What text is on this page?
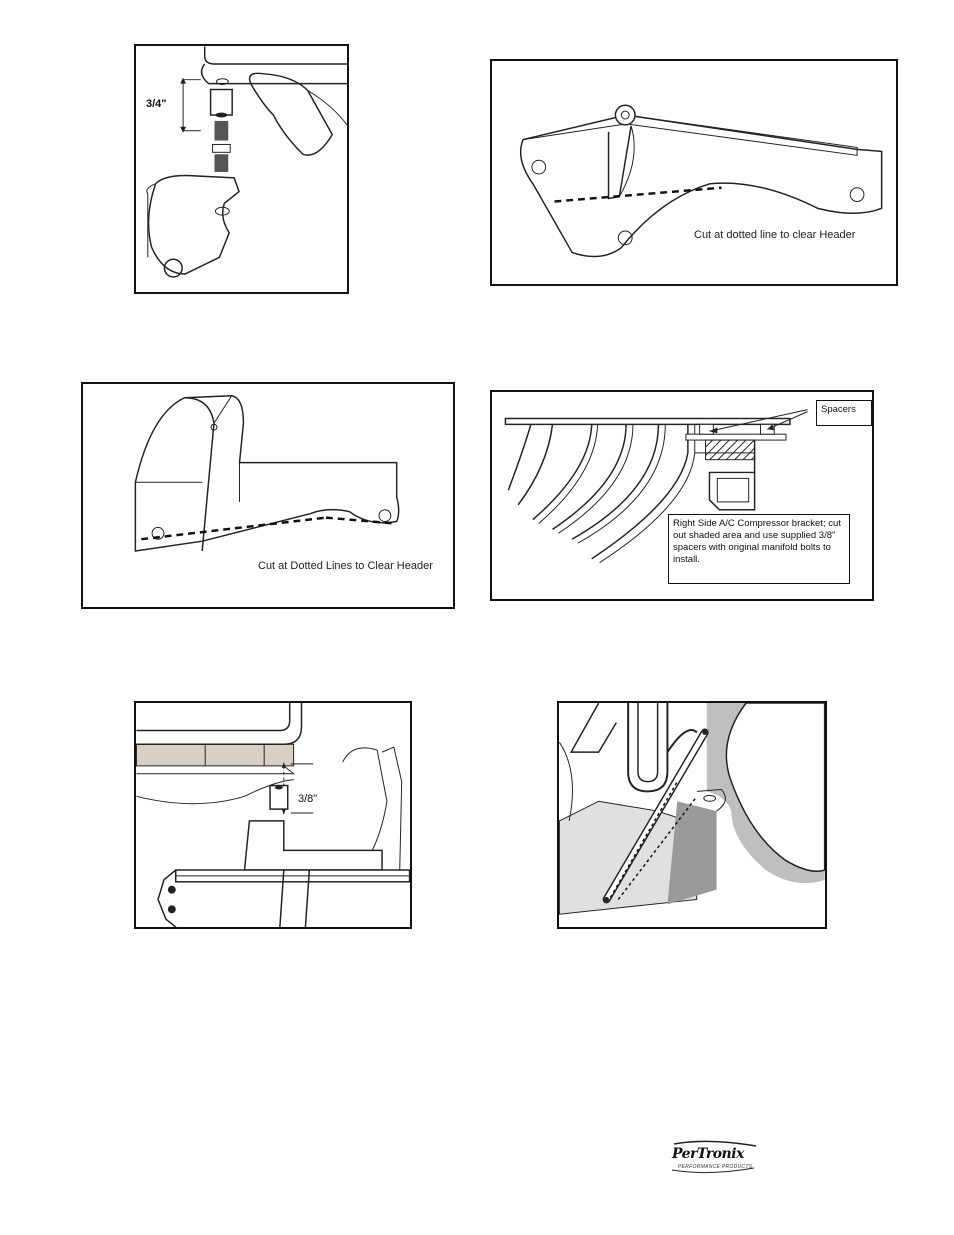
3/4"
Cut at dotted line to clear Header
Cut at Dotted Lines to Clear Header
Spacers
Right Side A/C Compressor bracket; cut out shaded area and use supplied 3/8" spacers with original manifold bolts to install.
3/8"
PerTronix
PERFORMANCE PRODUCTS
